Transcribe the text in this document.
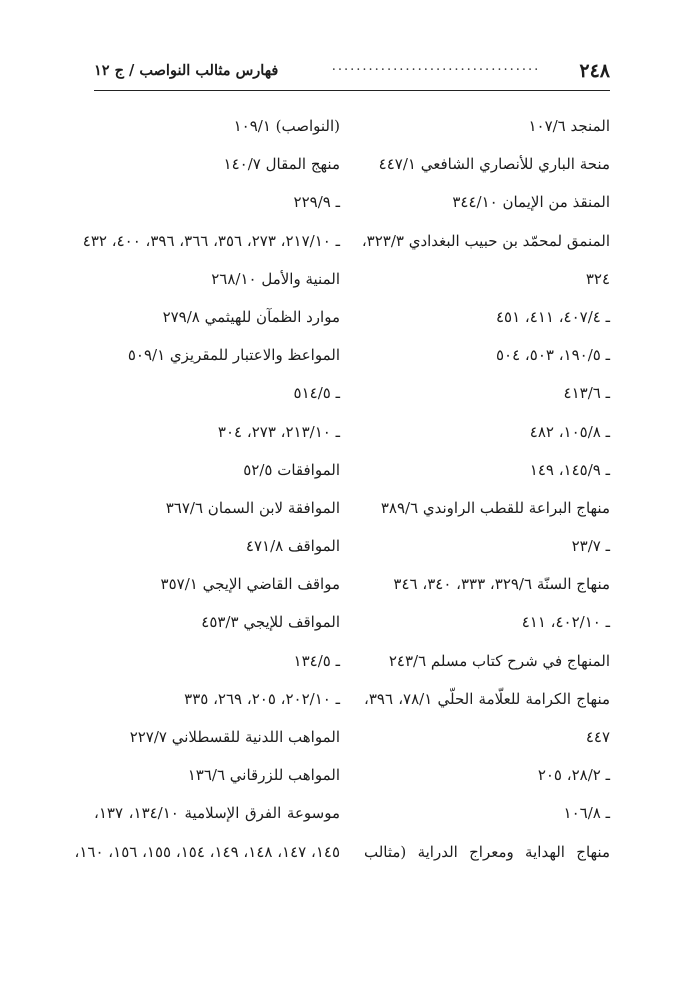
٢٤٨
..................................
فهارس مثالب النواصب / ج ١٢
المنجد ١٠٧/٦
منحة الباري للأنصاري الشافعي ٤٤٧/١
المنقذ من الإيمان ٣٤٤/١٠
المنمق لمحمّد بن حبيب البغدادي ٣٢٣/٣،
٣٢٤
ـ ٤٠٧/٤، ٤١١، ٤٥١
ـ ١٩٠/٥، ٥٠٣، ٥٠٤
ـ ٤١٣/٦
ـ ١٠٥/٨، ٤٨٢
ـ ١٤٥/٩، ١٤٩
منهاج البراعة للقطب الراوندي ٣٨٩/٦
ـ ٢٣/٧
منهاج السنّة ٣٢٩/٦، ٣٣٣، ٣٤٠، ٣٤٦
ـ ٤٠٢/١٠، ٤١١
المنهاج في شرح كتاب مسلم ٢٤٣/٦
منهاج الكرامة للعلّامة الحلّي ٧٨/١، ٣٩٦،
٤٤٧
ـ ٢٨/٢، ٢٠٥
ـ ١٠٦/٨
منهاج الهداية ومعراج الدراية (مثالب
(النواصب) ١٠٩/١
منهج المقال ١٤٠/٧
ـ ٢٢٩/٩
ـ ٢١٧/١٠، ٢٧٣، ٣٥٦، ٣٦٦، ٣٩٦، ٤٠٠، ٤٣٢
المنية والأمل ٢٦٨/١٠
موارد الظمآن للهيثمي ٢٧٩/٨
المواعظ والاعتبار للمقريزي ٥٠٩/١
ـ ٥١٤/٥
ـ ٢١٣/١٠، ٢٧٣، ٣٠٤
الموافقات ٥٢/٥
الموافقة لابن السمان ٣٦٧/٦
المواقف ٤٧١/٨
مواقف القاضي الإيجي ٣٥٧/١
المواقف للإيجي ٤٥٣/٣
ـ ١٣٤/٥
ـ ٢٠٢/١٠، ٢٠٥، ٢٦٩، ٣٣٥
المواهب اللدنية للقسطلاني ٢٢٧/٧
المواهب للزرقاني ١٣٦/٦
موسوعة الفرق الإسلامية ١٣٤/١٠، ١٣٧،
١٤٥، ١٤٧، ١٤٨، ١٤٩، ١٥٤، ١٥٥، ١٥٦، ١٦٠،
